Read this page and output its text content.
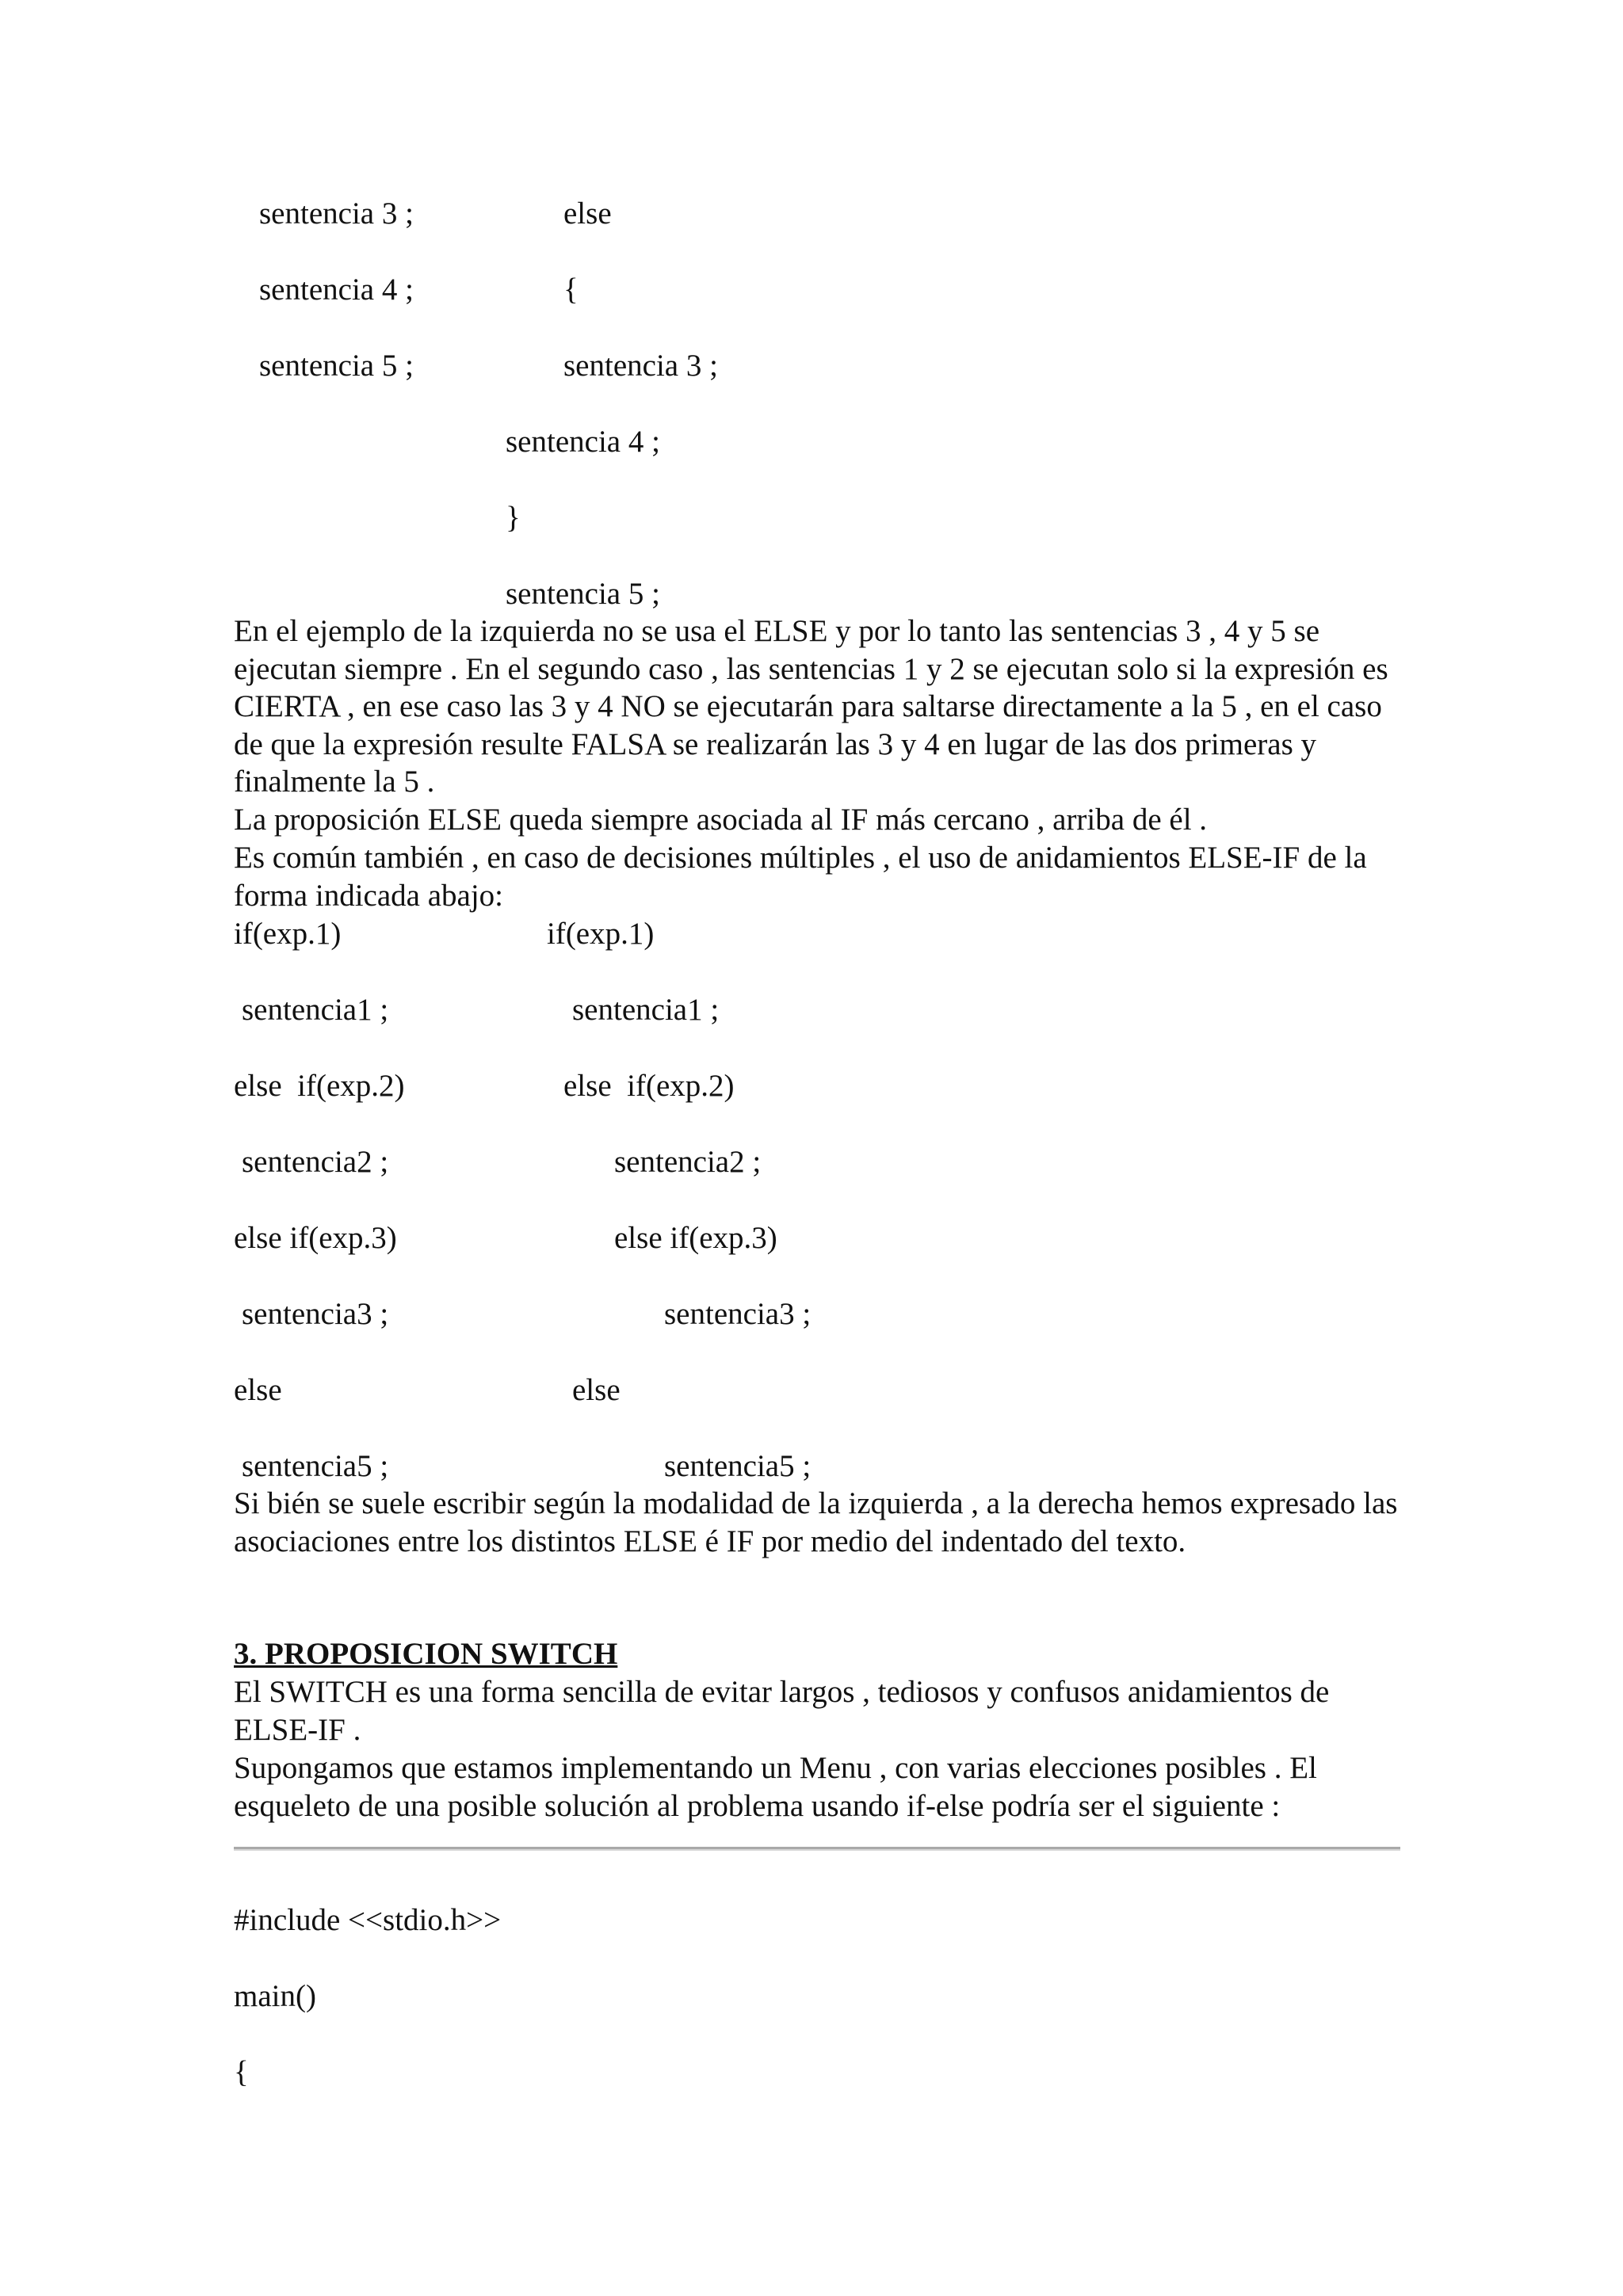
sentencia 3 ;
sentencia 4 ;
sentencia 5 ;
else
{
sentencia 3 ;
sentencia 4 ;
}
sentencia 5 ;
En el ejemplo de la izquierda no se usa el ELSE y por lo tanto las sentencias 3 , 4 y 5 se ejecutan siempre . En el segundo caso , las sentencias 1 y 2 se ejecutan solo si la expresión es CIERTA , en ese caso las 3 y 4 NO se ejecutarán para saltarse directamente a la 5 , en el caso de que la expresión resulte FALSA se realizarán las 3 y 4 en lugar de las dos primeras y finalmente la 5 .
La proposición ELSE queda siempre asociada al IF más cercano , arriba de él .
Es común también , en caso de decisiones múltiples , el uso de anidamientos ELSE-IF de la forma indicada abajo:
if(exp.1)
sentencia1 ;
else  if(exp.2)
sentencia2 ;
else if(exp.3)
sentencia3 ;
else
sentencia5 ;
if(exp.1)
sentencia1 ;
else  if(exp.2)
sentencia2 ;
else if(exp.3)
sentencia3 ;
else
sentencia5 ;
Si bién se suele escribir según la modalidad de la izquierda , a la derecha hemos expresado las asociaciones entre los distintos ELSE é IF por medio del indentado del texto.
3. PROPOSICION SWITCH
El SWITCH es una forma sencilla de evitar largos , tediosos y confusos anidamientos de ELSE-IF .
Supongamos que estamos implementando un Menu , con varias elecciones posibles . El esqueleto de una posible solución al problema usando if-else podría ser el siguiente :
#include <<stdio.h>>
main()
{
